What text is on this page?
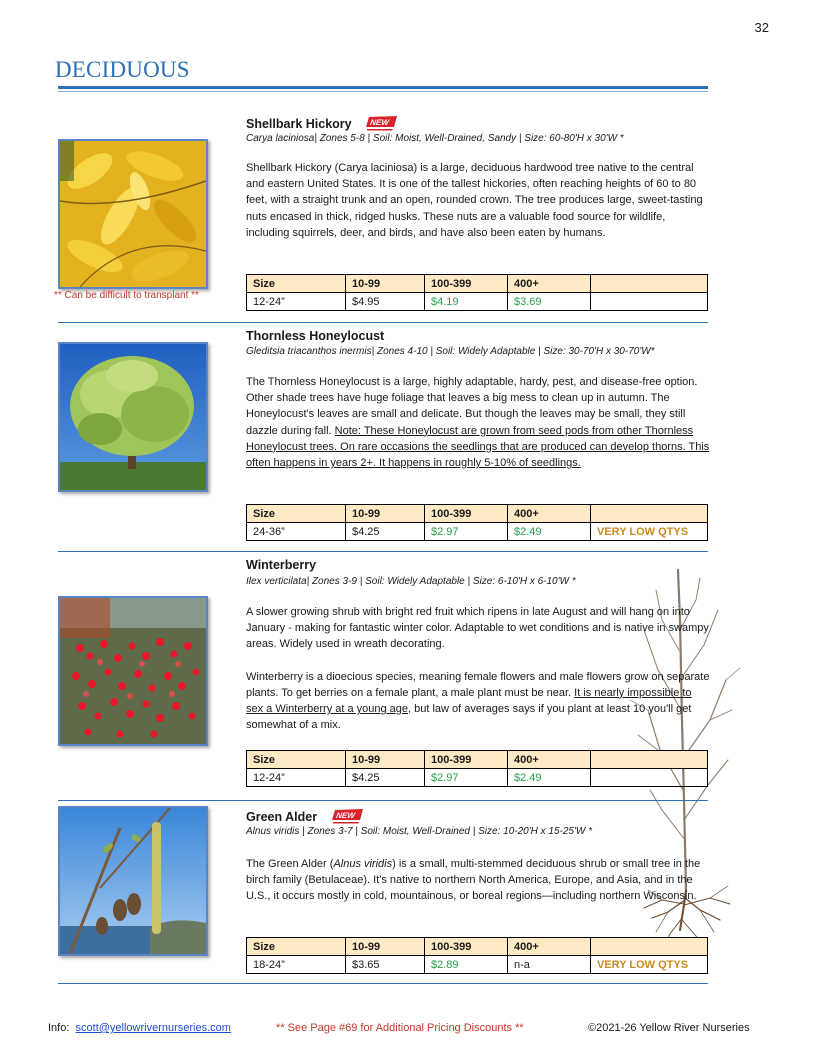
32
DECIDUOUS
Shellbark Hickory NEW
Carya laciniosa| Zones 5-8 | Soil: Moist, Well-Drained, Sandy | Size: 60-80'H x 30'W *

Shellbark Hickory (Carya laciniosa) is a large, deciduous hardwood tree native to the central and eastern United States. It is one of the tallest hickories, often reaching heights of 60 to 80 feet, with a straight trunk and an open, rounded crown. The tree produces large, sweet-tasting nuts encased in thick, ridged husks. These nuts are a valuable food source for wildlife, including squirrels, deer, and birds, and have also been eaten by humans.

** Can be difficult to transplant **
Size	10-99	100-399	400+	
12-24”	$4.95	$4.19	$3.69	
Thornless Honeylocust
Gleditsia triacanthos inermis| Zones 4-10 | Soil: Widely Adaptable | Size: 30-70'H x 30-70'W*

The Thornless Honeylocust is a large, highly adaptable, hardy, pest, and disease-free option. Other shade trees have huge foliage that leaves a big mess to clean up in autumn. The Honeylocust's leaves are small and delicate. But though the leaves may be small, they still dazzle during fall. Note: These Honeylocust are grown from seed pods from other Thornless Honeylocust trees. On rare occasions the seedlings that are produced can develop thorns. This often happens in years 2+. It happens in roughly 5-10% of seedlings.

Size	10-99	100-399	400+	
24-36”	$4.25	$2.97	$2.49	VERY LOW QTYS
Winterberry
Ilex verticilata| Zones 3-9 | Soil: Widely Adaptable | Size: 6-10'H x 6-10'W *

A slower growing shrub with bright red fruit which ripens in late August and will hang on into January - making for fantastic winter color. Adaptable to wet conditions and is native in swampy areas. Widely used in wreath decorating.

Winterberry is a dioecious species, meaning female flowers and male flowers grow on separate plants. To get berries on a female plant, a male plant must be near. It is nearly impossible to sex a Winterberry at a young age, but law of averages says if you plant at least 10 you'll get somewhat of a mix.

Size	10-99	100-399	400+	
12-24”	$4.25	$2.97	$2.49	
Green Alder NEW
Alnus viridis | Zones 3-7 | Soil: Moist, Well-Drained | Size: 10-20'H x 15-25'W *

The Green Alder (Alnus viridis) is a small, multi-stemmed deciduous shrub or small tree in the birch family (Betulaceae). It's native to northern North America, Europe, and Asia, and in the U.S., it occurs mostly in cold, mountainous, or boreal regions—including northern Wisconsin.

Size	10-99	100-399	400+	
18-24”	$3.65	$2.89	n-a	VERY LOW QTYS
Info: scott@yellowrivernurseries.com	** See Page #69 for Additional Pricing Discounts **	©2021-26 Yellow River Nurseries
